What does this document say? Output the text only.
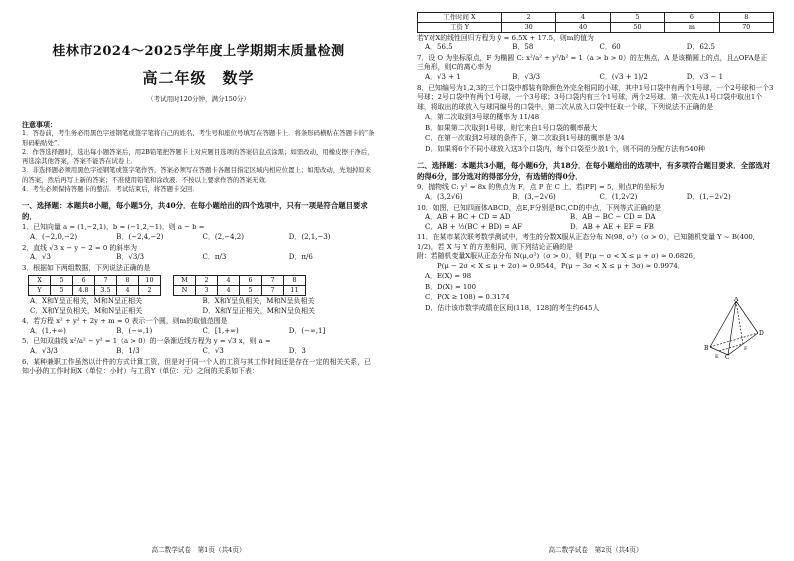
桂林市2024～2025学年度上学期期末质量检测
高二年级　数学
（考试用时120分钟，满分150分）
注意事项：

1．答卷前，考生务必用黑色字迹钢笔或签字笔将自己的姓名、考生号和座位号填写在答题卡上．将条形码横贴在答题卡的“条形码粘贴处”．

2．作答选择题时，选出每小题答案后，用2B铅笔把答题卡上对应题目选项的答案信息点涂黑；如需改动，用橡皮擦干净后，再选涂其他答案，答案不能答在试卷上．

3．非选择题必须用黑色字迹钢笔或签字笔作答，答案必须写在答题卡各题目指定区域内相应位置上；如需改动，先划掉原来的答案，然后再写上新的答案；不准使用铅笔和涂改液．不按以上要求作答的答案无效．

4．考生必须保持答题卡的整洁．考试结束后，将答题卡交回．

一、选择题：本题共8小题，每小题5分，共40分．在每小题给出的四个选项中，只有一项是符合题目要求的．
1．已知向量 a = (1,−2,1)，b = (−1,2,−1)，则 a − b =
A．(−2,0,−2)	B．(−2,4,−2)	C．(2,−4,2)	D．(2,1,−3)
2．直线 √3 x − y − 2 = 0 的斜率为
A．√3	B．√3/3	C．π/3	D．π/6
3．根据如下两组数据，下列说法正确的是
X	5	6	7	8	10
Y	5	4.8	3.5	4	2
M	2	4	6	7	8
N	3	4	5	7	11
A．X和Y呈正相关，M和N呈正相关	B．X和Y呈负相关，M和N呈负相关
C．X和Y呈负相关，M和N呈正相关	D．X和Y呈正相关，M和N呈负相关
4．若方程 x² + y² + 2y + m = 0 表示一个圆，则m的取值范围是
A．(1,+∞)	B．(−∞,1)	C．[1,+∞)	D．(−∞,1]
5．已知双曲线 x²/a² − y² = 1（a > 0）的一条渐近线方程为 y = √3 x，则 a =
A．√3/3	B．1/3	C．√3	D．3
6．某种兼职工作虽然以计件的方式计算工资，但是对于同一个人的工资与其工作时间还是存在一定的相关关系，已知小孙的工作时间X（单位：小时）与工资Y（单位：元）之间的关系如下表：
高二数学试卷　第1页（共4页）
工作时间 X	2	4	5	6	8
工资 Y	30	40	50	m	70
若Y对X的线性回归方程为 ŷ = 6.5X + 17.5，则m的值为
A．56.5	B．58	C．60	D．62.5
7．设 O 为坐标原点，F 为椭圆 C: x²/a² + y²/b² = 1（a > b > 0）的左焦点，A 是该椭圆上的点，且△OFA是正三角形，则C的离心率为
A．√3 + 1	B．√3/3	C．(√3 + 1)/2	D．√3 − 1
8．已知编号为1,2,3的三个口袋中都装有除颜色外完全相同的小球，其中1号口袋中有两个1号球，一个2号球和一个3号球；2号口袋中有两个1号球，一个3号球；3号口袋内有三个1号球，两个2号球．第一次先从1号口袋中取出1个球，将取出的球放入与球同编号的口袋中，第二次从放入口袋中任取一个球，下列说法不正确的是
A．第二次取到3号球的概率为 11/48
B．如果第二次取到1号球，则它来自1号口袋的概率最大
C．在第一次取到2号球的条件下，第二次取到1号球的概率是 3/4
D．如果将6个不同小球放入这3个口袋内，每个口袋至少放1个，则不同的分配方法有540种
二、选择题：本题共3小题，每小题6分，共18分．在每小题给出的选项中，有多项符合题目要求．全部选对的得6分，部分选对的得部分分，有选错的得0分．
9．抛物线 C: y² = 8x 的焦点为 F，点 P 在 C 上，若|PF| = 5，则点P的坐标为
A．(3,2√6)	B．(3,−2√6)	C．(1,2√2)	D．(1,−2√2)
10．如图，已知四面体ABCD，点E,F分别是BC,CD的中点，下列等式正确的是
A．AB + BC + CD = AD	B．AB − BC − CD = DA
C．AB + ½(BC + BD) = AF	D．AB + AE + EF = FB

11．在某市某次联考数学测试中，考生的分数X服从正态分布 N(98, σ²)（σ > 0），已知随机变量 Y ~ B(400, 1/2)，若 X 与 Y 的方差相同，则下列结论正确的是

附：若随机变量X服从正态分布 N(μ,σ²)（σ > 0），则 P(μ − σ < X ≤ μ + σ) ≈ 0.6826，

P(μ − 2σ < X ≤ μ + 2σ) ≈ 0.9544，P(μ − 3σ < X ≤ μ + 3σ) ≈ 0.9974．

A．E(X) = 98
B．D(X) = 100
C．P(X ≥ 108) = 0.3174
D．估计该市数学成绩在区间(118，128]的考生约645人
A
B
C
D
E
F
高二数学试卷　第2页（共4页）
